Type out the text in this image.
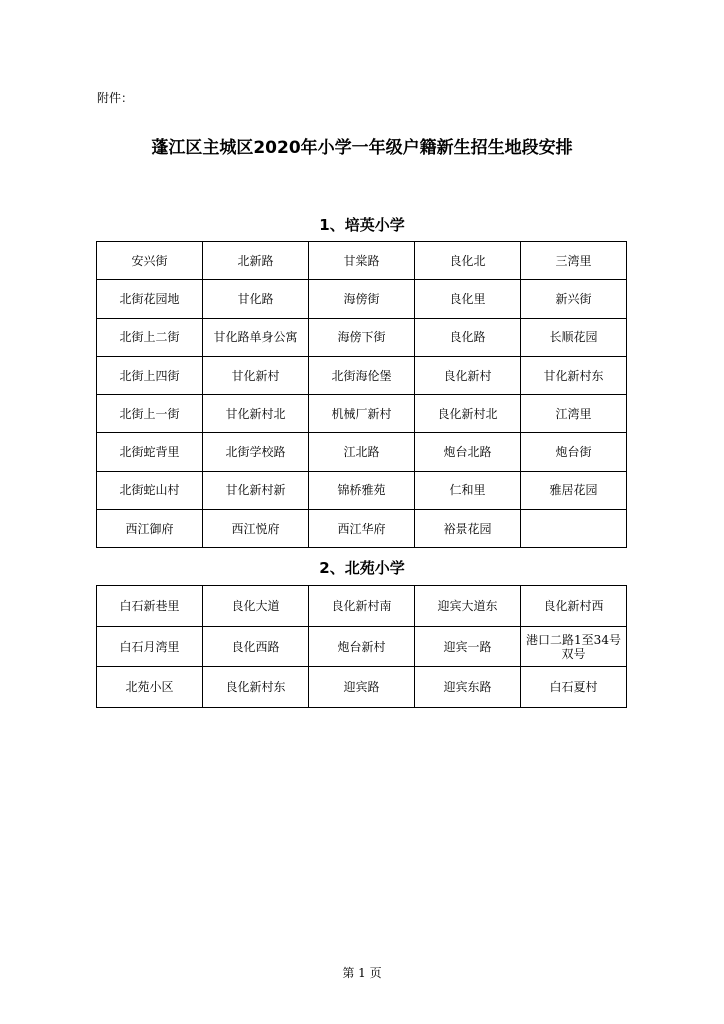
附件：
蓬江区主城区2020年小学一年级户籍新生招生地段安排
1、培英小学
安兴街	北新路	甘棠路	良化北	三湾里
北街花园地	甘化路	海傍街	良化里	新兴街
北街上二街	甘化路单身公寓	海傍下街	良化路	长顺花园
北街上四街	甘化新村	北街海伦堡	良化新村	甘化新村东
北街上一街	甘化新村北	机械厂新村	良化新村北	江湾里
北街蛇背里	北街学校路	江北路	炮台北路	炮台街
北街蛇山村	甘化新村新	锦桥雅苑	仁和里	雅居花园
西江御府	西江悦府	西江华府	裕景花园	
2、北苑小学
白石新巷里	良化大道	良化新村南	迎宾大道东	良化新村西
白石月湾里	良化西路	炮台新村	迎宾一路	港口二路1至34号双号
北苑小区	良化新村东	迎宾路	迎宾东路	白石夏村
第 1 页
